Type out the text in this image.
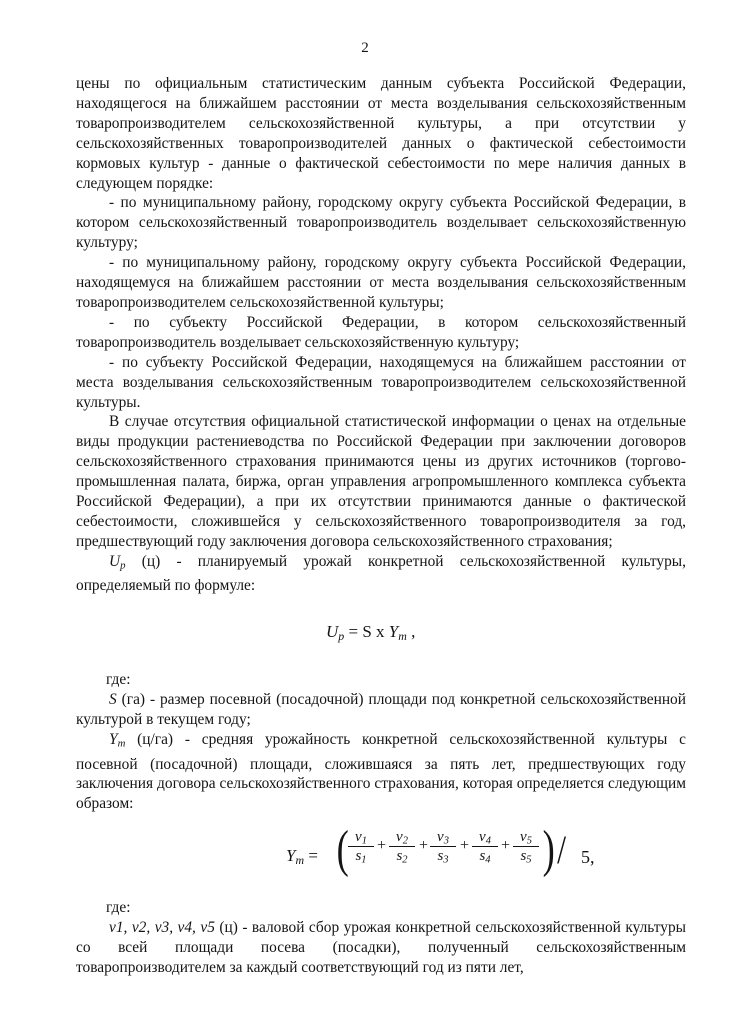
2

цены по официальным статистическим данным субъекта Российской Федерации, находящегося на ближайшем расстоянии от места возделывания сельскохозяйственным товаропроизводителем сельскохозяйственной культуры, а при отсутствии у сельскохозяйственных товаропроизводителей данных о фактической себестоимости кормовых культур - данные о фактической себестоимости по мере наличия данных в следующем порядке:

- по муниципальному району, городскому округу субъекта Российской Федерации, в котором сельскохозяйственный товаропроизводитель возделывает сельскохозяйственную культуру;

- по муниципальному району, городскому округу субъекта Российской Федерации, находящемуся на ближайшем расстоянии от места возделывания сельскохозяйственным товаропроизводителем сельскохозяйственной культуры;

- по субъекту Российской Федерации, в котором сельскохозяйственный товаропроизводитель возделывает сельскохозяйственную культуру;

- по субъекту Российской Федерации, находящемуся на ближайшем расстоянии от места возделывания сельскохозяйственным товаропроизводителем сельскохозяйственной культуры.

В случае отсутствия официальной статистической информации о ценах на отдельные виды продукции растениеводства по Российской Федерации при заключении договоров сельскохозяйственного страхования принимаются цены из других источников (торгово-промышленная палата, биржа, орган управления агропромышленного комплекса субъекта Российской Федерации), а при их отсутствии принимаются данные о фактической себестоимости, сложившейся у сельскохозяйственного товаропроизводителя за год, предшествующий году заключения договора сельскохозяйственного страхования;

$U_p$ (ц) - планируемый урожай конкретной сельскохозяйственной культуры, определяемый по формуле:

$U_p = S$ x $Y_m$ ,

где:

S (га) - размер посевной (посадочной) площади под конкретной сельскохозяйственной культурой в текущем году;

$Y_m$ (ц/га) - средняя урожайность конкретной сельскохозяйственной культуры с посевной (посадочной) площади, сложившаяся за пять лет, предшествующих году заключения договора сельскохозяйственного страхования, которая определяется следующим образом:

$Y_m$ = ( $v_1$
$s_1$
+ $v_2$
$s_2$
+ $v_3$
$s_3$
+ $v_4$
$s_4$
+ $v_5$
$s_5$ ) / 5,

где:

v1, v2, v3, v4, v5 (ц) - валовой сбор урожая конкретной сельскохозяйственной культуры со всей площади посева (посадки), полученный сельскохозяйственным товаропроизводителем за каждый соответствующий год из пяти лет,
